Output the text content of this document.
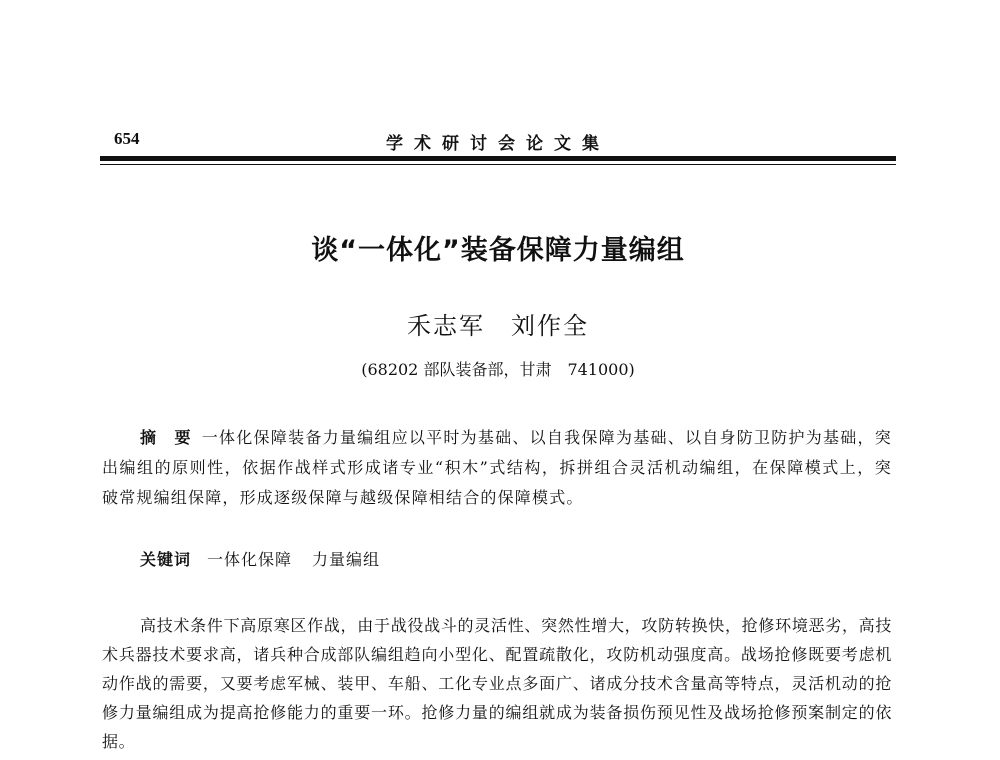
654	学术研讨会论文集
谈“一体化”装备保障力量编组
禾志军　刘作全
(68202 部队装备部，甘肃　741000)
摘　要 一体化保障装备力量编组应以平时为基础、以自我保障为基础、以自身防卫防护为基础，突出编组的原则性，依据作战样式形成诸专业“积木”式结构，拆拼组合灵活机动编组，在保障模式上，突破常规编组保障，形成逐级保障与越级保障相结合的保障模式。
关键词 一体化保障 力量编组
高技术条件下高原寒区作战，由于战役战斗的灵活性、突然性增大，攻防转换快，抢修环境恶劣，高技术兵器技术要求高，诸兵种合成部队编组趋向小型化、配置疏散化，攻防机动强度高。战场抢修既要考虑机动作战的需要，又要考虑军械、装甲、车船、工化专业点多面广、诸成分技术含量高等特点，灵活机动的抢修力量编组成为提高抢修能力的重要一环。抢修力量的编组就成为装备损伤预见性及战场抢修预案制定的依据。
